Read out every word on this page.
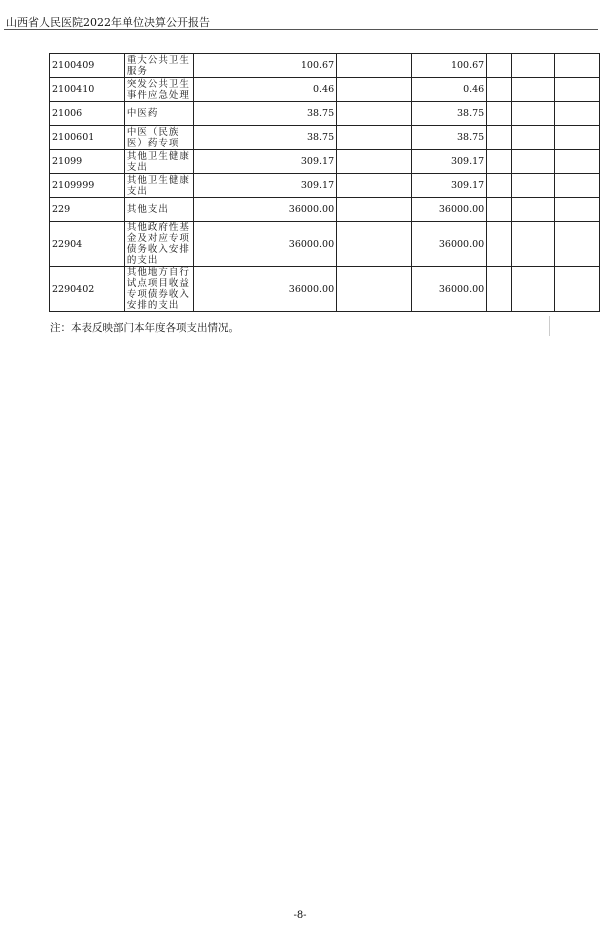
山西省人民医院2022年单位决算公开报告
2100409	重大公共卫生服务	100.67		100.67			
2100410	突发公共卫生事件应急处理	0.46		0.46			
21006	中医药	38.75		38.75			
2100601	中医（民族医）药专项	38.75		38.75			
21099	其他卫生健康支出	309.17		309.17			
2109999	其他卫生健康支出	309.17		309.17			
229	其他支出	36000.00		36000.00			
22904	其他政府性基金及对应专项债务收入安排的支出	36000.00		36000.00			
2290402	其他地方自行试点项目收益专项债券收入安排的支出	36000.00		36000.00			
注：本表反映部门本年度各项支出情况。
-8-
